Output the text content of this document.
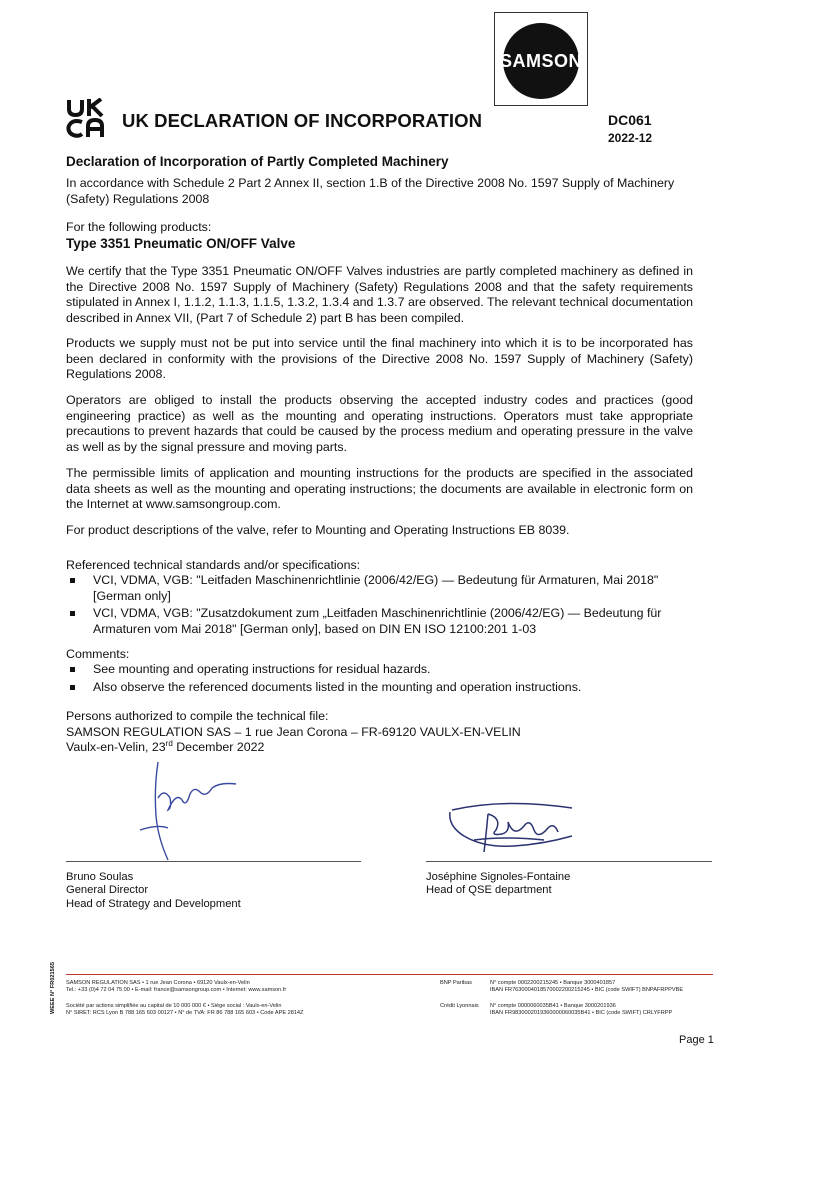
SAMSON
UK DECLARATION OF INCORPORATION	DC061
2022-12
Declaration of Incorporation of Partly Completed Machinery
In accordance with Schedule 2 Part 2 Annex II, section 1.B of the Directive 2008 No. 1597 Supply of Machinery (Safety) Regulations 2008
For the following products:
Type 3351 Pneumatic ON/OFF Valve
We certify that the Type 3351 Pneumatic ON/OFF Valves industries are partly completed machinery as defined in the Directive 2008 No. 1597 Supply of Machinery (Safety) Regulations 2008 and that the safety requirements stipulated in Annex I, 1.1.2, 1.1.3, 1.1.5, 1.3.2, 1.3.4 and 1.3.7 are observed. The relevant technical documentation described in Annex VII, (Part 7 of Schedule 2) part B has been compiled.
Products we supply must not be put into service until the final machinery into which it is to be incorporated has been declared in conformity with the provisions of the Directive 2008 No. 1597 Supply of Machinery (Safety) Regulations 2008.
Operators are obliged to install the products observing the accepted industry codes and practices (good engineering practice) as well as the mounting and operating instructions. Operators must take appropriate precautions to prevent hazards that could be caused by the process medium and operating pressure in the valve as well as by the signal pressure and moving parts.
The permissible limits of application and mounting instructions for the products are specified in the associated data sheets as well as the mounting and operating instructions; the documents are available in electronic form on the Internet at www.samsongroup.com.
For product descriptions of the valve, refer to Mounting and Operating Instructions EB 8039.
Referenced technical standards and/or specifications:
VCI, VDMA, VGB: "Leitfaden Maschinenrichtlinie (2006/42/EG) — Bedeutung für Armaturen, Mai 2018" [German only]
VCI, VDMA, VGB: "Zusatzdokument zum „Leitfaden Maschinenrichtlinie (2006/42/EG) — Bedeutung für Armaturen vom Mai 2018" [German only], based on DIN EN ISO 12100:201 1-03
Comments:
See mounting and operating instructions for residual hazards.
Also observe the referenced documents listed in the mounting and operation instructions.
Persons authorized to compile the technical file:
SAMSON REGULATION SAS – 1 rue Jean Corona – FR-69120 VAULX-EN-VELIN
Vaulx-en-Velin, 23rd December 2022
Bruno Soulas
General Director
Head of Strategy and Development
Joséphine Signoles-Fontaine
Head of QSE department
SAMSON REGULATION SAS • 1 rue Jean Corona • 69120 Vaulx-en-Velin
Tel.: +33 (0)4 72 04 75 00 • E-mail: france@samsongroup.com • Internet: www.samson.fr
Société par actions simplifiée au capital de 10 000 000 € • Siège social : Vaulx-en-Velin
N° SIRET: RCS Lyon B 788 165 603 00127 • N° de TVA: FR 86 788 165 603 • Code APE 2814Z
BNP Paribas	N° compte 0002200215245 • Banque 3000401857
IBAN FR7630004018570002200215245 • BIC (code SWIFT) BNPAFRPPVBE
Crédit Lyonnais N° compte 0000060035B41 • Banque 3000201936
IBAN FR9830002019360000060035B41 • BIC (code SWIFT) CRLYFRPP
WEEE N° FR021565
Page 1
